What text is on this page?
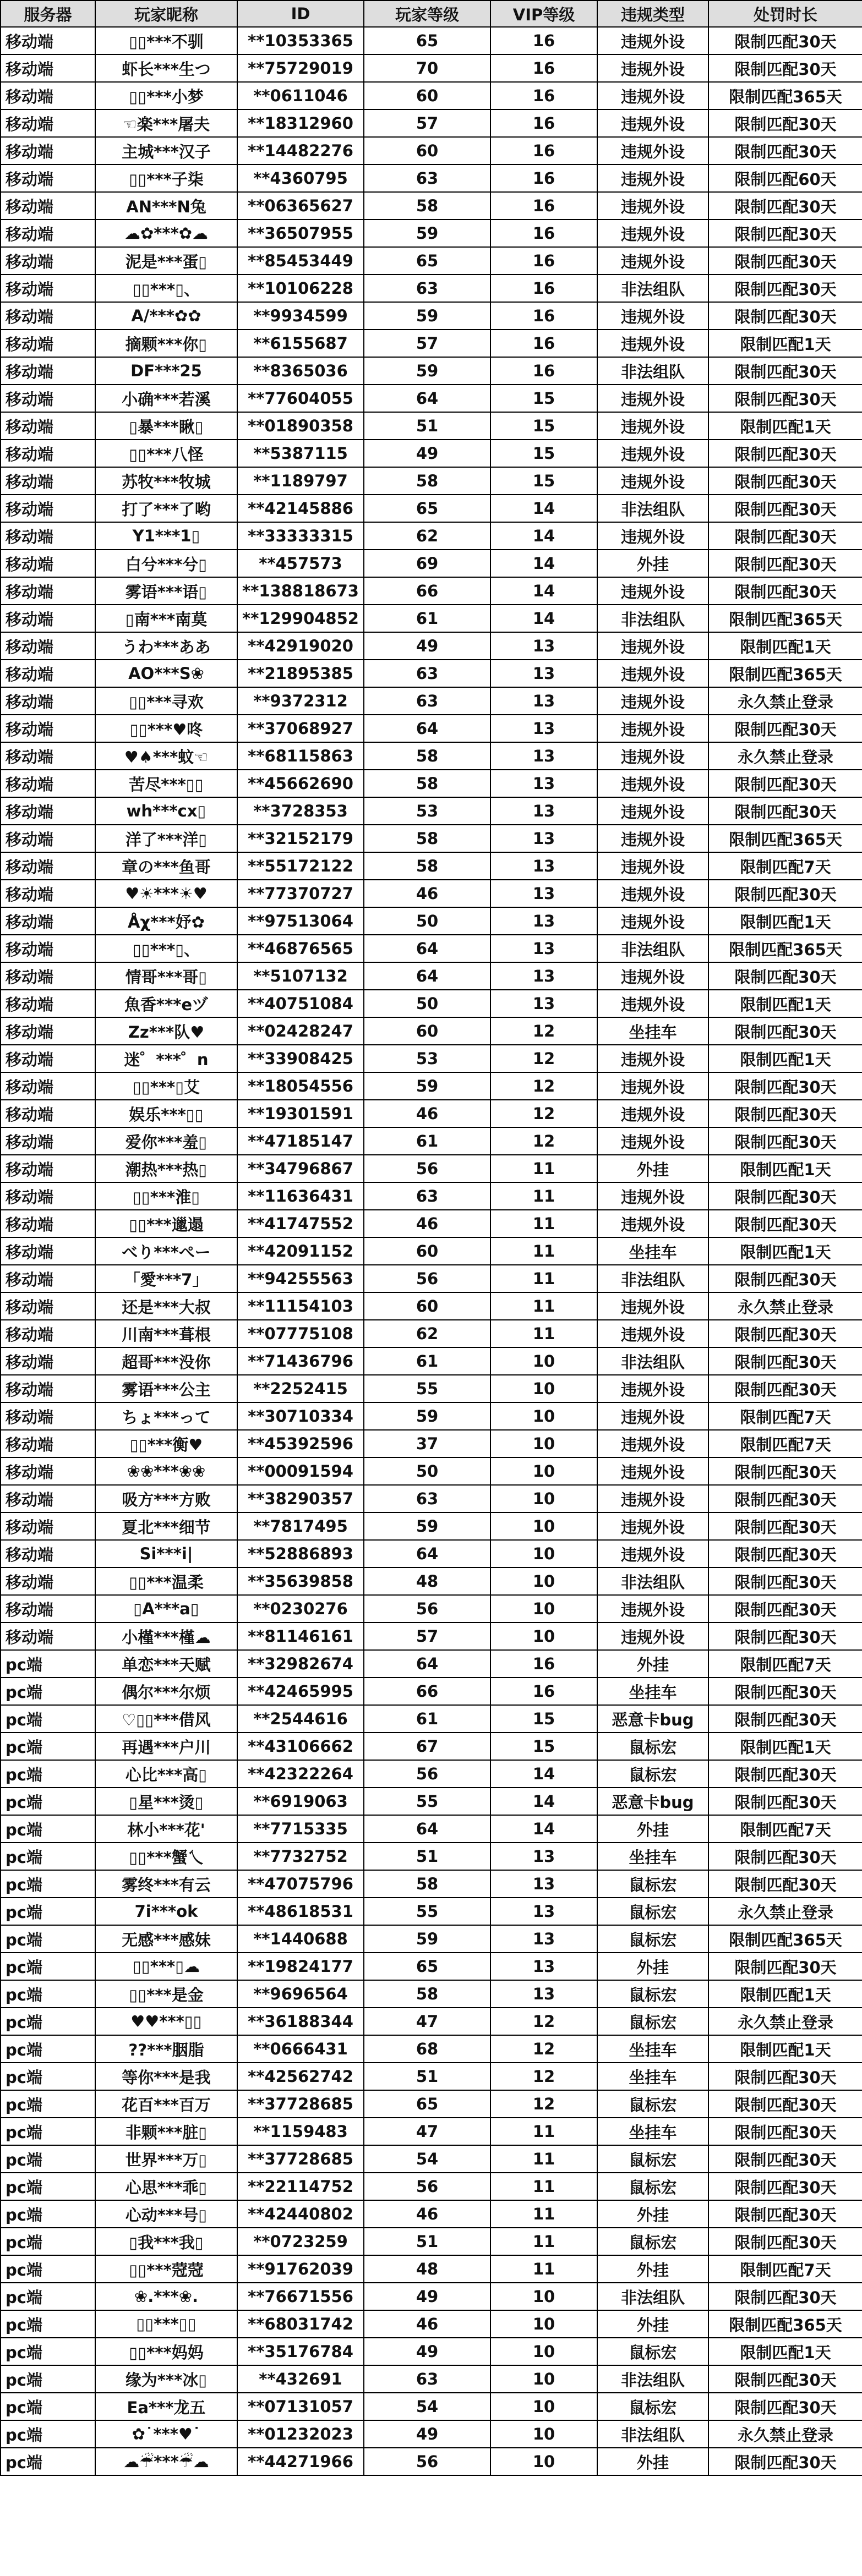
服务器	玩家昵称	ID	玩家等级	VIP等级	违规类型	处罚时长
移动端	▯▯***不驯	**10353365	65	16	违规外设	限制匹配30天
移动端	虾长***生つ	**75729019	70	16	违规外设	限制匹配30天
移动端	▯▯***小梦	**0611046	60	16	违规外设	限制匹配365天
移动端	☜楽***屠夫	**18312960	57	16	违规外设	限制匹配30天
移动端	主城***汉子	**14482276	60	16	违规外设	限制匹配30天
移动端	▯▯***子柒	**4360795	63	16	违规外设	限制匹配60天
移动端	AN***N兔	**06365627	58	16	违规外设	限制匹配30天
移动端	☁✿***✿☁	**36507955	59	16	违规外设	限制匹配30天
移动端	泥是***蛋▯	**85453449	65	16	违规外设	限制匹配30天
移动端	▯▯***▯、	**10106228	63	16	非法组队	限制匹配30天
移动端	A/***✿✿	**9934599	59	16	违规外设	限制匹配30天
移动端	摘颗***你▯	**6155687	57	16	违规外设	限制匹配1天
移动端	DF***25	**8365036	59	16	非法组队	限制匹配30天
移动端	小确***若溪	**77604055	64	15	违规外设	限制匹配30天
移动端	▯暴***瞅▯	**01890358	51	15	违规外设	限制匹配1天
移动端	▯▯***八怪	**5387115	49	15	违规外设	限制匹配30天
移动端	苏牧***牧城	**1189797	58	15	违规外设	限制匹配30天
移动端	打了***了哟	**42145886	65	14	非法组队	限制匹配30天
移动端	Y1***1▯	**33333315	62	14	违规外设	限制匹配30天
移动端	白兮***兮▯	**457573	69	14	外挂	限制匹配30天
移动端	雾语***语▯	**138818673	66	14	违规外设	限制匹配30天
移动端	▯南***南莫	**129904852	61	14	非法组队	限制匹配365天
移动端	うわ***ああ	**42919020	49	13	违规外设	限制匹配1天
移动端	AO***S❀	**21895385	63	13	违规外设	限制匹配365天
移动端	▯▯***寻欢	**9372312	63	13	违规外设	永久禁止登录
移动端	▯▯***♥咚	**37068927	64	13	违规外设	限制匹配30天
移动端	♥♠***蚊☜	**68115863	58	13	违规外设	永久禁止登录
移动端	苦尽***▯▯	**45662690	58	13	违规外设	限制匹配30天
移动端	wh***cx▯	**3728353	53	13	违规外设	限制匹配30天
移动端	洋了***洋▯	**32152179	58	13	违规外设	限制匹配365天
移动端	章の***鱼哥	**55172122	58	13	违规外设	限制匹配7天
移动端	♥☀***☀♥	**77370727	46	13	违规外设	限制匹配30天
移动端	Åχ***妤✿	**97513064	50	13	违规外设	限制匹配1天
移动端	▯▯***▯、	**46876565	64	13	非法组队	限制匹配365天
移动端	情哥***哥▯	**5107132	64	13	违规外设	限制匹配30天
移动端	魚香***eヅ	**40751084	50	13	违规外设	限制匹配1天
移动端	Zz***队♥	**02428247	60	12	坐挂车	限制匹配30天
移动端	迷゜***゜n	**33908425	53	12	违规外设	限制匹配1天
移动端	▯▯***▯艾	**18054556	59	12	违规外设	限制匹配30天
移动端	娱乐***▯▯	**19301591	46	12	违规外设	限制匹配30天
移动端	爱你***羞▯	**47185147	61	12	违规外设	限制匹配30天
移动端	潮热***热▯	**34796867	56	11	外挂	限制匹配1天
移动端	▯▯***淮▯	**11636431	63	11	违规外设	限制匹配30天
移动端	▯▯***邋遢	**41747552	46	11	违规外设	限制匹配30天
移动端	べり***ぺー	**42091152	60	11	坐挂车	限制匹配1天
移动端	「愛***7」	**94255563	56	11	非法组队	限制匹配30天
移动端	还是***大叔	**11154103	60	11	违规外设	永久禁止登录
移动端	川南***葺根	**07775108	62	11	违规外设	限制匹配30天
移动端	超哥***没你	**71436796	61	10	非法组队	限制匹配30天
移动端	雾语***公主	**2252415	55	10	违规外设	限制匹配30天
移动端	ちょ***って	**30710334	59	10	违规外设	限制匹配7天
移动端	▯▯***衡♥	**45392596	37	10	违规外设	限制匹配7天
移动端	❀❀***❀❀	**00091594	50	10	违规外设	限制匹配30天
移动端	吸方***方败	**38290357	63	10	违规外设	限制匹配30天
移动端	夏北***细节	**7817495	59	10	违规外设	限制匹配30天
移动端	Si***i|	**52886893	64	10	违规外设	限制匹配30天
移动端	▯▯***温柔	**35639858	48	10	非法组队	限制匹配30天
移动端	▯A***a▯	**0230276	56	10	违规外设	限制匹配30天
移动端	小槿***槿☁	**81146161	57	10	违规外设	限制匹配30天
pc端	单恋***天赋	**32982674	64	16	外挂	限制匹配7天
pc端	偶尔***尔烦	**42465995	66	16	坐挂车	限制匹配30天
pc端	♡▯▯***借风	**2544616	61	15	恶意卡bug	限制匹配30天
pc端	再遇***户川	**43106662	67	15	鼠标宏	限制匹配1天
pc端	心比***高▯	**42322264	56	14	鼠标宏	限制匹配30天
pc端	▯星***烫▯	**6919063	55	14	恶意卡bug	限制匹配30天
pc端	林小***花'	**7715335	64	14	外挂	限制匹配7天
pc端	▯▯***蟹乀	**7732752	51	13	坐挂车	限制匹配30天
pc端	雾终***有云	**47075796	58	13	鼠标宏	限制匹配30天
pc端	7i***ok	**48618531	55	13	鼠标宏	永久禁止登录
pc端	无感***感妹	**1440688	59	13	鼠标宏	限制匹配365天
pc端	▯▯***▯☁	**19824177	65	13	外挂	限制匹配30天
pc端	▯▯***是金	**9696564	58	13	鼠标宏	限制匹配1天
pc端	♥♥***▯▯	**36188344	47	12	鼠标宏	永久禁止登录
pc端	??***胭脂	**0666431	68	12	坐挂车	限制匹配1天
pc端	等你***是我	**42562742	51	12	坐挂车	限制匹配30天
pc端	花百***百万	**37728685	65	12	鼠标宏	限制匹配30天
pc端	非颗***脏▯	**1159483	47	11	坐挂车	限制匹配30天
pc端	世界***万▯	**37728685	54	11	鼠标宏	限制匹配30天
pc端	心思***乖▯	**22114752	56	11	鼠标宏	限制匹配30天
pc端	心动***号▯	**42440802	46	11	外挂	限制匹配30天
pc端	▯我***我▯	**0723259	51	11	鼠标宏	限制匹配30天
pc端	▯▯***蒄蒄	**91762039	48	11	外挂	限制匹配7天
pc端	❀.***❀.	**76671556	49	10	非法组队	限制匹配30天
pc端	▯▯***▯▯	**68031742	46	10	外挂	限制匹配365天
pc端	▯▯***妈妈	**35176784	49	10	鼠标宏	限制匹配1天
pc端	缘为***冰▯	**432691	63	10	非法组队	限制匹配30天
pc端	Ea***龙五	**07131057	54	10	鼠标宏	限制匹配30天
pc端	✿˙***♥˙	**01232023	49	10	非法组队	永久禁止登录
pc端	☁☔***☔☁	**44271966	56	10	外挂	限制匹配30天
